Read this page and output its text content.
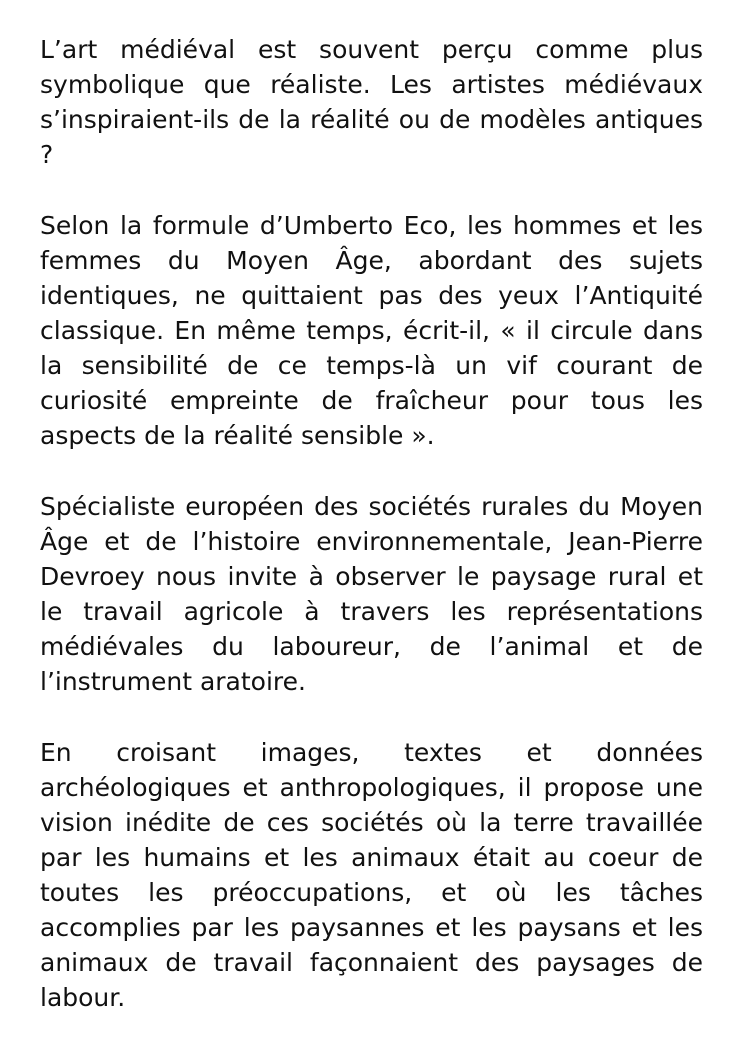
L’art médiéval est souvent perçu comme plus symbolique que réaliste. Les artistes médiévaux s’inspiraient-ils de la réalité ou de modèles antiques ?

Selon la formule d’Umberto Eco, les hommes et les femmes du Moyen Âge, abordant des sujets identiques, ne quittaient pas des yeux l’Antiquité classique. En même temps, écrit-il, « il circule dans la sensibilité de ce temps-là un vif courant de curiosité empreinte de fraîcheur pour tous les aspects de la réalité sensible ».

Spécialiste européen des sociétés rurales du Moyen Âge et de l’histoire environnementale, Jean-Pierre Devroey nous invite à observer le paysage rural et le travail agricole à travers les représentations médiévales du laboureur, de l’animal et de l’instrument aratoire.

En croisant images, textes et données archéologiques et anthropologiques, il propose une vision inédite de ces sociétés où la terre travaillée par les humains et les animaux était au coeur de toutes les préoccupations, et où les tâches accomplies par les paysannes et les paysans et les animaux de travail façonnaient des paysages de labour.
